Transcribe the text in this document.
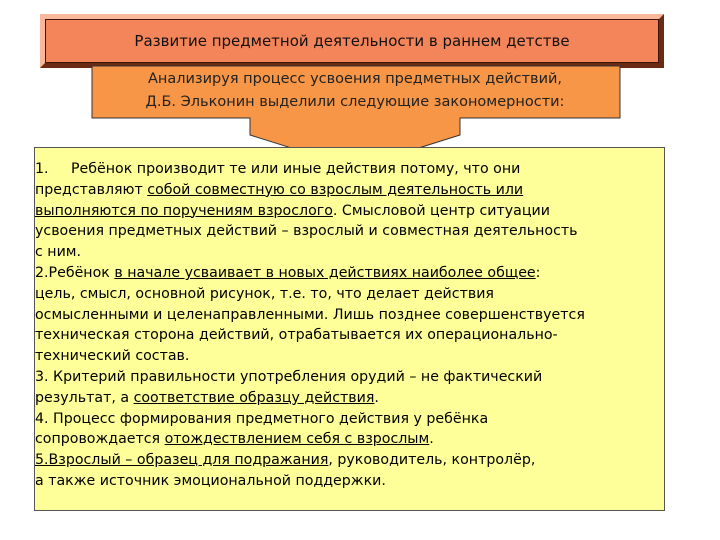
Развитие предметной деятельности в раннем детстве
Анализируя процесс усвоения предметных действий,
Д.Б. Эльконин выделили следующие закономерности:

1. Ребёнок производит те или иные действия потому, что они

представляют собой совместную со взрослым деятельность или

выполняются по поручениям взрослого. Смысловой центр ситуации

усвоения предметных действий – взрослый и совместная деятельность

с ним.

2.Ребёнок в начале усваивает в новых действиях наиболее общее:

цель, смысл, основной рисунок, т.е. то, что делает действия

осмысленными и целенаправленными. Лишь позднее совершенствуется

техническая сторона действий, отрабатывается их операционально-

технический состав.

3. Критерий правильности употребления орудий – не фактический

результат, а соответствие образцу действия.

4. Процесс формирования предметного действия у ребёнка

сопровождается отождествлением себя с взрослым.

5.Взрослый – образец для подражания, руководитель, контролёр,

а также источник эмоциональной поддержки.
